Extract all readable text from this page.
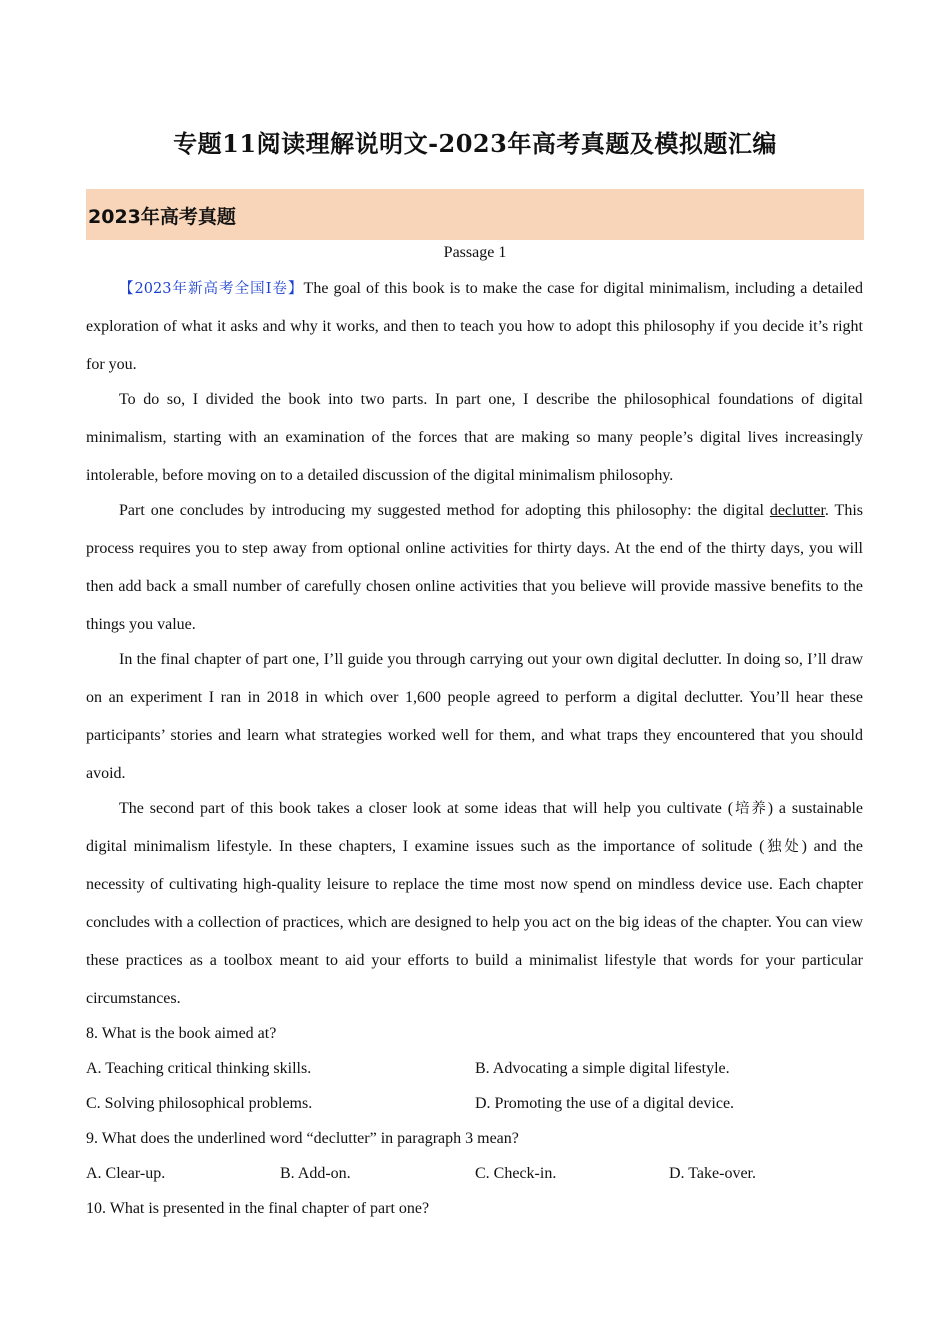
专题11阅读理解说明文-2023年高考真题及模拟题汇编
2023年高考真题
Passage 1

【2023年新高考全国Ⅰ卷】The goal of this book is to make the case for digital minimalism, including a detailed exploration of what it asks and why it works, and then to teach you how to adopt this philosophy if you decide it’s right for you.

To do so, I divided the book into two parts. In part one, I describe the philosophical foundations of digital minimalism, starting with an examination of the forces that are making so many people’s digital lives increasingly intolerable, before moving on to a detailed discussion of the digital minimalism philosophy.

Part one concludes by introducing my suggested method for adopting this philosophy: the digital declutter. This process requires you to step away from optional online activities for thirty days. At the end of the thirty days, you will then add back a small number of carefully chosen online activities that you believe will provide massive benefits to the things you value.

In the final chapter of part one, I’ll guide you through carrying out your own digital declutter. In doing so, I’ll draw on an experiment I ran in 2018 in which over 1,600 people agreed to perform a digital declutter. You’ll hear these participants’ stories and learn what strategies worked well for them, and what traps they encountered that you should avoid.

The second part of this book takes a closer look at some ideas that will help you cultivate (培养) a sustainable digital minimalism lifestyle. In these chapters, I examine issues such as the importance of solitude (独处) and the necessity of cultivating high-quality leisure to replace the time most now spend on mindless device use. Each chapter concludes with a collection of practices, which are designed to help you act on the big ideas of the chapter. You can view these practices as a toolbox meant to aid your efforts to build a minimalist lifestyle that words for your particular circumstances.

8. What is the book aimed at?
A. Teaching critical thinking skills.	B. Advocating a simple digital lifestyle.
C. Solving philosophical problems.	D. Promoting the use of a digital device.
9. What does the underlined word “declutter” in paragraph 3 mean?
A. Clear-up.	B. Add-on.	C. Check-in.	D. Take-over.
10. What is presented in the final chapter of part one?
